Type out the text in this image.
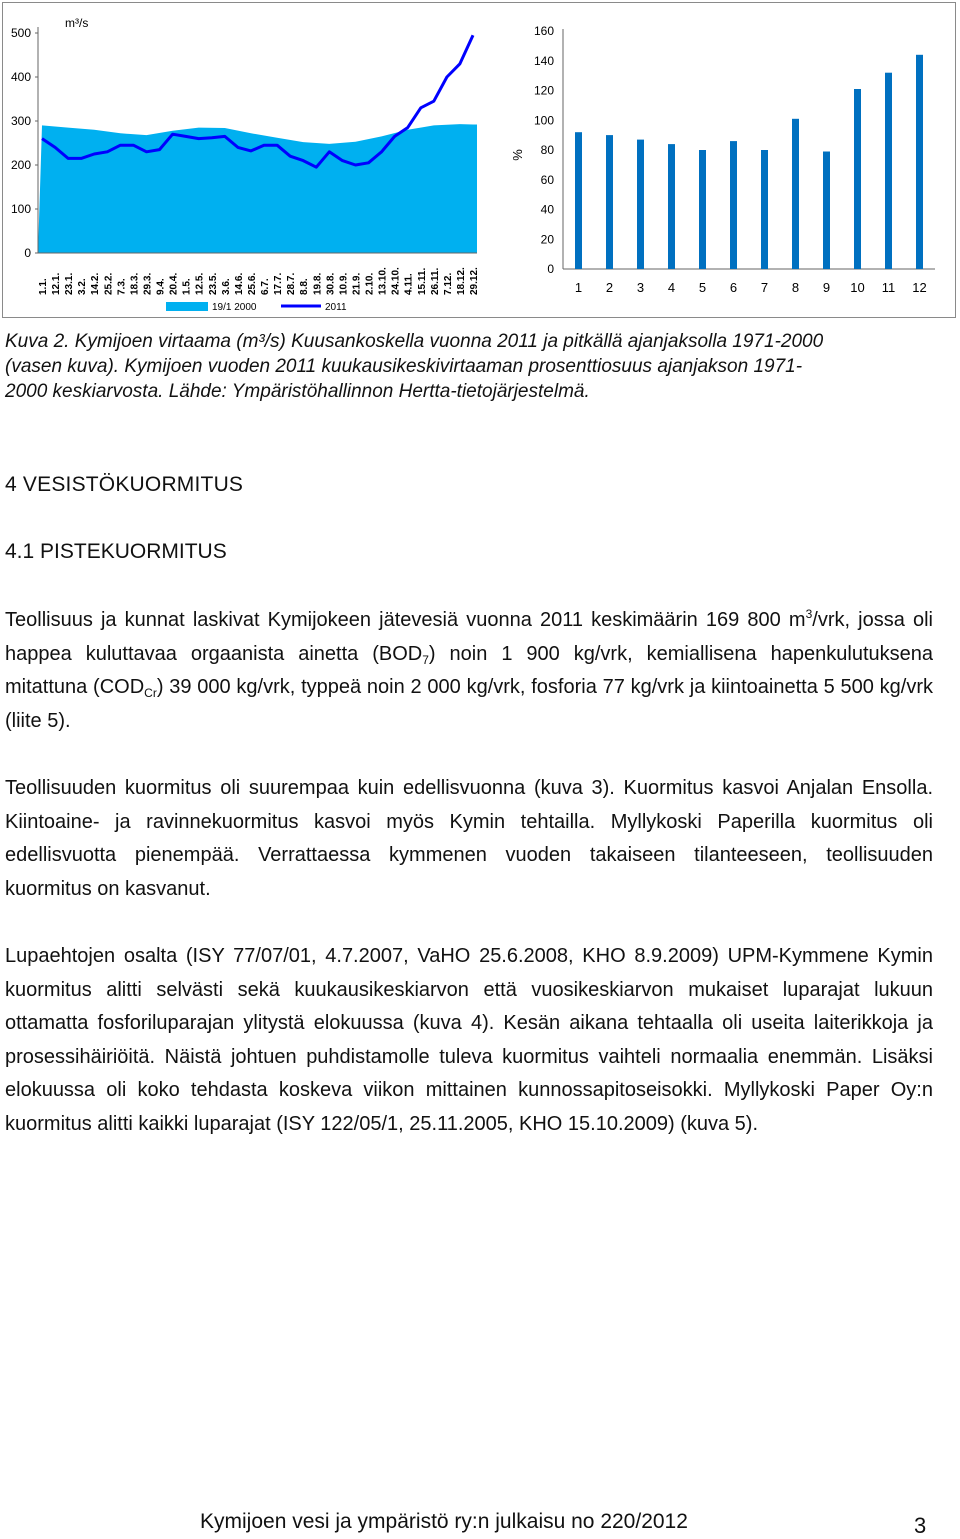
m³/s
500
400
300
200
100
0
1.1. 12.1. 23.1. 3.2. 14.2. 25.2. 7.3. 18.3. 29.3. 9.4. 20.4. 1.5. 12.5. 23.5. 3.6. 14.6. 25.6. 6.7. 17.7. 28.7. 8.8. 19.8. 30.8. 10.9. 21.9. 2.10. 13.10. 24.10. 4.11. 15.11. 26.11. 7.12. 18.12. 29.12.
19/1 2000	2011
%
160
140
120
100
80
60
40
20
0
1 2 3 4 5 6 7 8 9 10 11 12
Kuva 2. Kymijoen virtaama (m³/s) Kuusankoskella vuonna 2011 ja pitkällä ajanjaksolla 1971-2000
(vasen kuva). Kymijoen vuoden 2011 kuukausikeskivirtaaman prosenttiosuus ajanjakson 1971-
2000 keskiarvosta. Lähde: Ympäristöhallinnon Hertta-tietojärjestelmä.
4 VESISTÖKUORMITUS
4.1 PISTEKUORMITUS

Teollisuus ja kunnat laskivat Kymijokeen jätevesiä vuonna 2011 keskimäärin 169 800 $m^3$/vrk, jossa oli happea kuluttavaa orgaanista ainetta $(BOD_7)$ noin 1 900 kg/vrk, kemiallisena hapenkulutuksena mitattuna $(COD_{Cr})$ 39 000 kg/vrk, typpeä noin 2 000 kg/vrk, fosforia 77 kg/vrk ja kiintoainetta 5 500 kg/vrk (liite 5).

Teollisuuden kuormitus oli suurempaa kuin edellisvuonna (kuva 3). Kuormitus kasvoi Anjalan Ensolla. Kiintoaine- ja ravinnekuormitus kasvoi myös Kymin tehtailla. Myllykoski Paperilla kuormitus oli edellisvuotta pienempää. Verrattaessa kymmenen vuoden takaiseen tilanteeseen, teollisuuden kuormitus on kasvanut.

Lupaehtojen osalta (ISY 77/07/01, 4.7.2007, VaHO 25.6.2008, KHO 8.9.2009) UPM-Kymmene Kymin kuormitus alitti selvästi sekä kuukausikeskiarvon että vuosikeskiarvon mukaiset luparajat lukuun ottamatta fosforiluparajan ylitystä elokuussa (kuva 4). Kesän aikana tehtaalla oli useita laiterikkoja ja prosessihäiriöitä. Näistä johtuen puhdistamolle tuleva kuormitus vaihteli normaalia enemmän. Lisäksi elokuussa oli koko tehdasta koskeva viikon mittainen kunnossapitoseisokki. Myllykoski Paper Oy:n kuormitus alitti kaikki luparajat (ISY 122/05/1, 25.11.2005, KHO 15.10.2009) (kuva 5).

Kymijoen vesi ja ympäristö ry:n julkaisu no 220/2012	3
